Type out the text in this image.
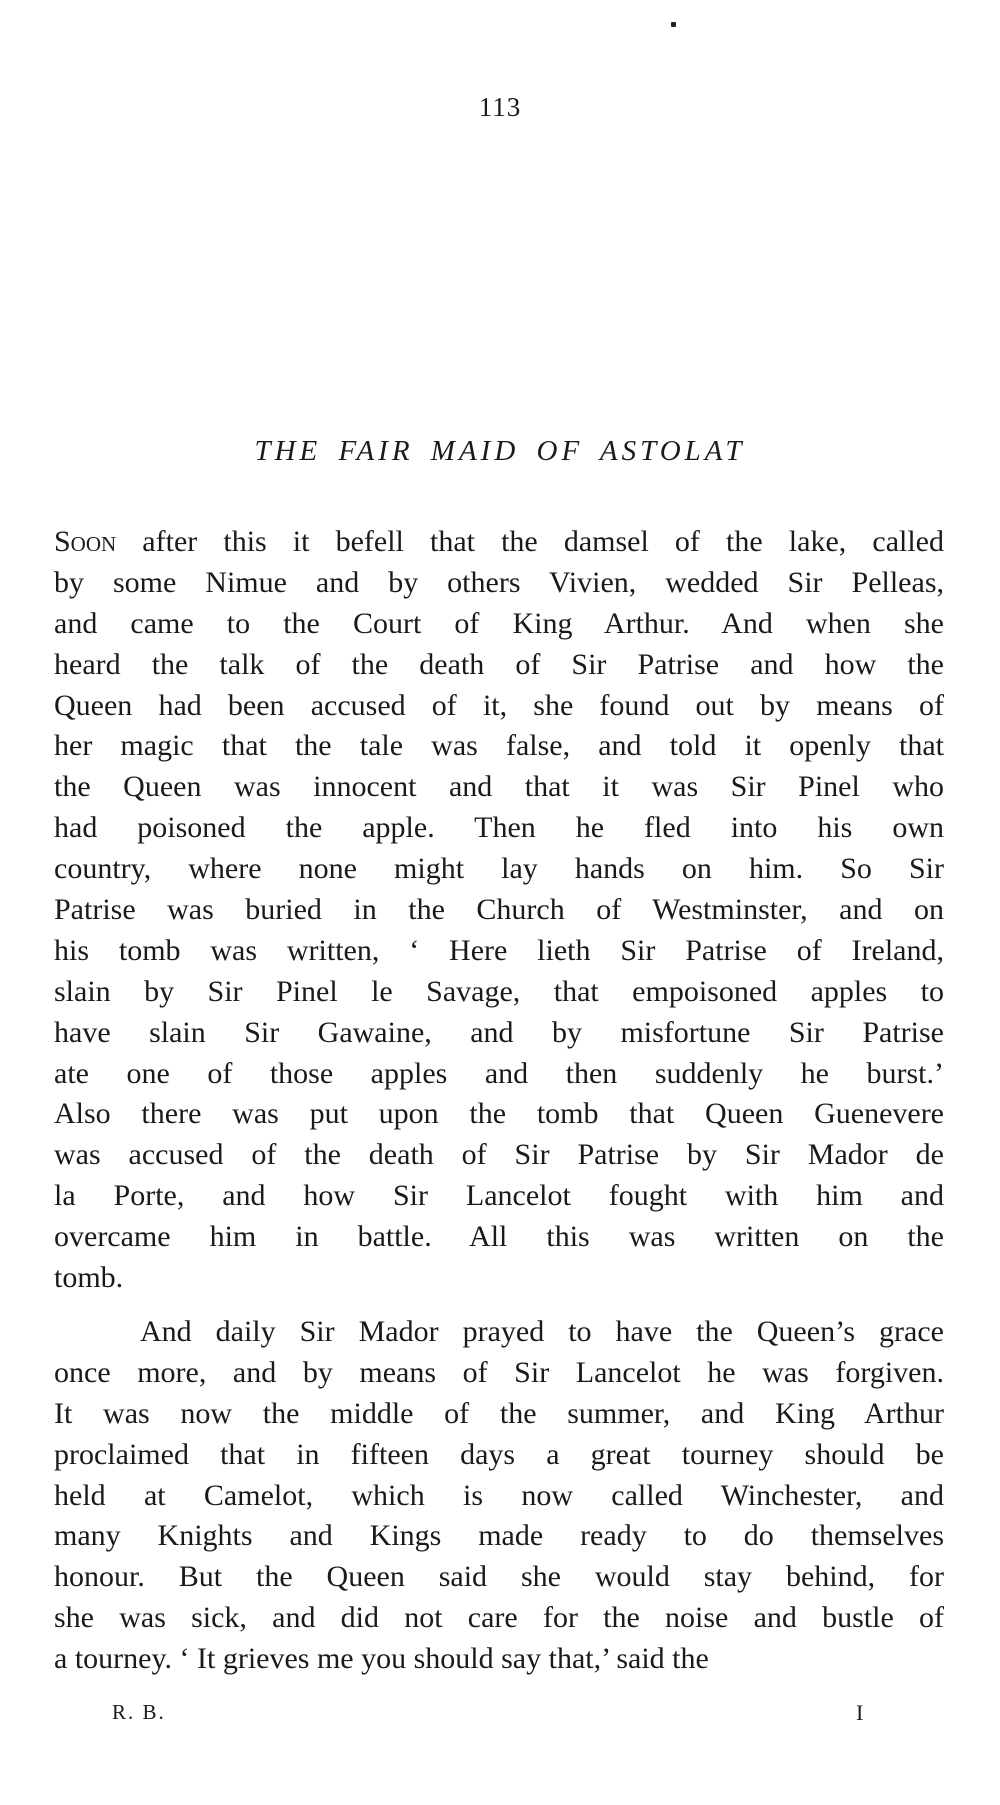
113
THE FAIR MAID OF ASTOLAT
Soon after this it befell that the damsel of the lake, called
by some Nimue and by others Vivien, wedded Sir Pelleas,
and came to the Court of King Arthur. And when she
heard the talk of the death of Sir Patrise and how the
Queen had been accused of it, she found out by means of
her magic that the tale was false, and told it openly that
the Queen was innocent and that it was Sir Pinel who
had poisoned the apple. Then he fled into his own
country, where none might lay hands on him. So Sir
Patrise was buried in the Church of Westminster, and on
his tomb was written, ‘ Here lieth Sir Patrise of Ireland,
slain by Sir Pinel le Savage, that empoisoned apples to
have slain Sir Gawaine, and by misfortune Sir Patrise
ate one of those apples and then suddenly he burst.’
Also there was put upon the tomb that Queen Guenevere
was accused of the death of Sir Patrise by Sir Mador de
la Porte, and how Sir Lancelot fought with him and
overcame him in battle. All this was written on the
tomb.
And daily Sir Mador prayed to have the Queen’s grace
once more, and by means of Sir Lancelot he was forgiven.
It was now the middle of the summer, and King Arthur
proclaimed that in fifteen days a great tourney should be
held at Camelot, which is now called Winchester, and
many Knights and Kings made ready to do themselves
honour. But the Queen said she would stay behind, for
she was sick, and did not care for the noise and bustle of
a tourney. ‘ It grieves me you should say that,’ said the
R. B.	I
